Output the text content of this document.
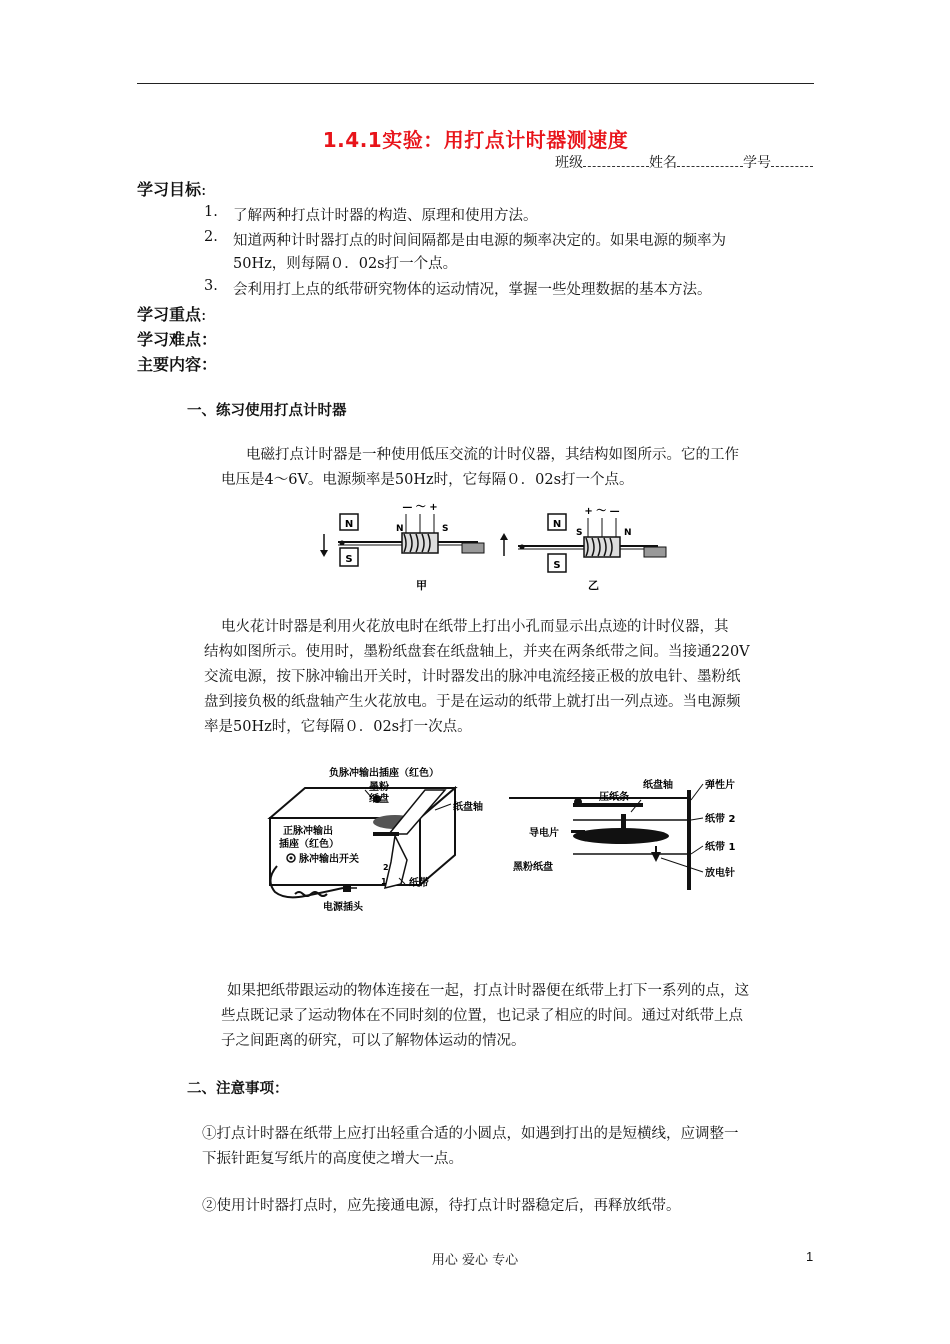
1.4.1实验：用打点计时器测速度
班级	姓名	学号
学习目标:
1. 了解两种打点计时器的构造、原理和使用方法。
2. 知道两种计时器打点的时间间隔都是由电源的频率决定的。如果电源的频率为
50Hz，则每隔０．02s打一个点。
3. 会利用打上点的纸带研究物体的运动情况，掌握一些处理数据的基本方法。
学习重点:
学习难点：
主要内容：
一、练习使用打点计时器
电磁打点计时器是一种使用低压交流的计时仪器，其结构如图所示。它的工作
电压是4～6V。电源频率是50Hz时，它每隔０．02s打一个点。
N
S
N	S
— ～ +
甲
N
S
S	N
+ ～ —
乙
电火花计时器是利用火花放电时在纸带上打出小孔而显示出点迹的计时仪器，其
结构如图所示。使用时，墨粉纸盘套在纸盘轴上，并夹在两条纸带之间。当接通220V
交流电源，按下脉冲输出开关时，计时器发出的脉冲电流经接正极的放电针、墨粉纸
盘到接负极的纸盘轴产生火花放电。于是在运动的纸带上就打出一列点迹。当电源频
率是50Hz时，它每隔０．02s打一次点。
负脉冲输出插座（红色）
墨粉
纸盘
纸盘轴
正脉冲输出
插座（红色）
脉冲输出开关
2
1 纸带
电源插头
压纸条
纸盘轴	弹性片
纸带 2
导电片
纸带 1
黑粉纸盘
放电针
如果把纸带跟运动的物体连接在一起，打点计时器便在纸带上打下一系列的点，这
些点既记录了运动物体在不同时刻的位置，也记录了相应的时间。通过对纸带上点
子之间距离的研究，可以了解物体运动的情况。
二、注意事项：
①打点计时器在纸带上应打出轻重合适的小圆点，如遇到打出的是短横线，应调整一
下振针距复写纸片的高度使之增大一点。
②使用计时器打点时，应先接通电源，待打点计时器稳定后，再释放纸带。
用心 爱心 专心	1
